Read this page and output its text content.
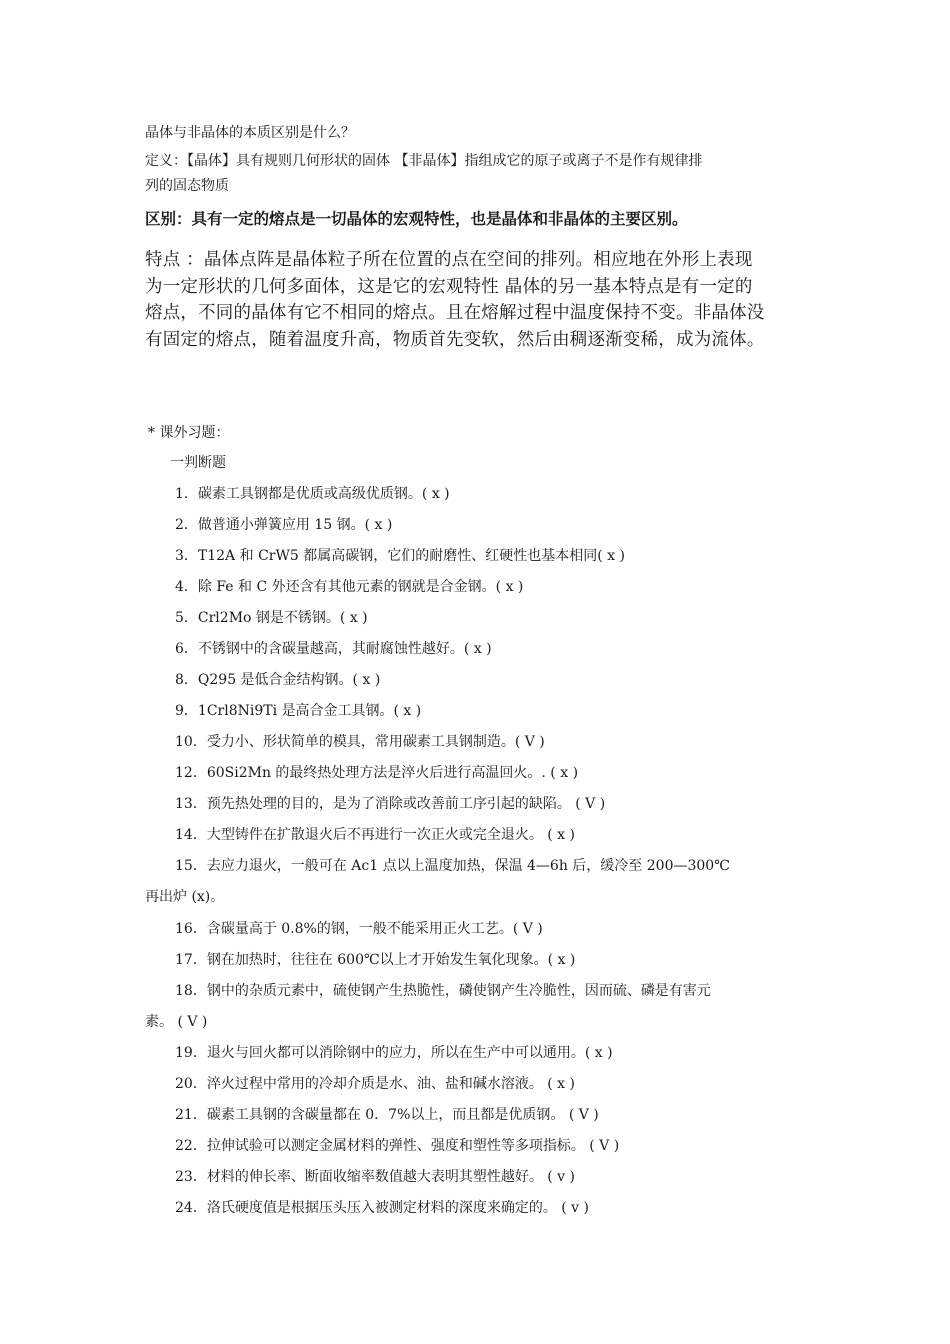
晶体与非晶体的本质区别是什么？
定义：【晶体】具有规则几何形状的固体 【非晶体】指组成它的原子或离子不是作有规律排
列的固态物质
区别：具有一定的熔点是一切晶体的宏观特性，也是晶体和非晶体的主要区别。
特点 ：晶体点阵是晶体粒子所在位置的点在空间的排列。相应地在外形上表现
为一定形状的几何多面体，这是它的宏观特性 晶体的另一基本特点是有一定的
熔点，不同的晶体有它不相同的熔点。且在熔解过程中温度保持不变。非晶体没
有固定的熔点，随着温度升高，物质首先变软，然后由稠逐渐变稀，成为流体。
* 课外习题：
一判断题
1．碳素工具钢都是优质或高级优质钢。( x )
2．做普通小弹簧应用 15 钢。( x )
3．T12A 和 CrW5 都属高碳钢，它们的耐磨性、红硬性也基本相同( x )
4．除 Fe 和 C 外还含有其他元素的钢就是合金钢。( x )
5．Crl2Mo 钢是不锈钢。( x )
6．不锈钢中的含碳量越高，其耐腐蚀性越好。( x )
8．Q295 是低合金结构钢。( x )
9．1Crl8Ni9Ti 是高合金工具钢。( x )
10．受力小、形状简单的模具，常用碳素工具钢制造。( V )
12．60Si2Mn 的最终热处理方法是淬火后进行高温回火。. ( x )
13．预先热处理的目的，是为了消除或改善前工序引起的缺陷。 ( V )
14．大型铸件在扩散退火后不再进行一次正火或完全退火。 ( x )
15．去应力退火，一般可在 Ac1 点以上温度加热，保温 4—6h 后，缓冷至 200—300℃
再出炉 (x)。
16．含碳量高于 0.8%的钢，一般不能采用正火工艺。( V )
17．钢在加热时，往往在 600℃以上才开始发生氧化现象。( x )
18．钢中的杂质元素中，硫使钢产生热脆性，磷使钢产生冷脆性，因而硫、磷是有害元
素。 ( V )
19．退火与回火都可以消除钢中的应力，所以在生产中可以通用。( x )
20．淬火过程中常用的冷却介质是水、油、盐和碱水溶液。 ( x )
21．碳素工具钢的含碳量都在 0．7%以上，而且都是优质钢。 ( V )
22．拉伸试验可以测定金属材料的弹性、强度和塑性等多项指标。 ( V )
23．材料的伸长率、断面收缩率数值越大表明其塑性越好。 ( v )
24．洛氏硬度值是根据压头压入被测定材料的深度来确定的。 ( v )
